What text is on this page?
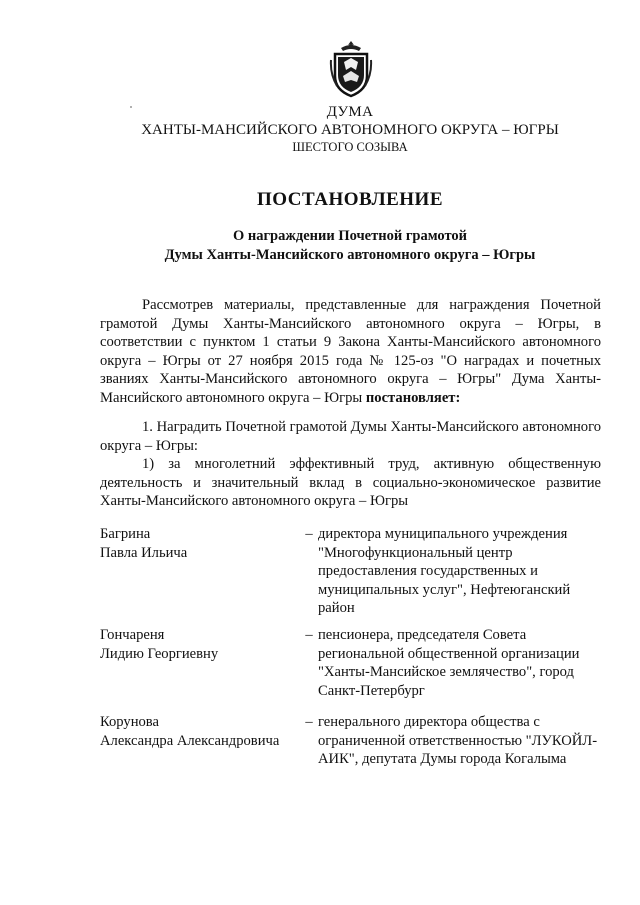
ДУМА
ХАНТЫ-МАНСИЙСКОГО АВТОНОМНОГО ОКРУГА – ЮГРЫ
ШЕСТОГО СОЗЫВА
ПОСТАНОВЛЕНИЕ
О награждении Почетной грамотой
Думы Ханты-Мансийского автономного округа – Югры

Рассмотрев материалы, представленные для награждения Почетной грамотой Думы Ханты-Мансийского автономного округа – Югры, в соответствии с пунктом 1 статьи 9 Закона Ханты-Мансийского автономного округа – Югры от 27 ноября 2015 года № 125-оз "О наградах и почетных званиях Ханты-Мансийского автономного округа – Югры" Дума Ханты-Мансийского автономного округа – Югры постановляет:

1. Наградить Почетной грамотой Думы Ханты-Мансийского автономного округа – Югры:

1) за многолетний эффективный труд, активную общественную деятельность и значительный вклад в социально-экономическое развитие Ханты-Мансийского автономного округа – Югры

Багрина
Павла Ильича
– директора муниципального учреждения "Многофункциональный центр предоставления государственных и муниципальных услуг", Нефтеюганский район
Гончареня
Лидию Георгиевну
– пенсионера, председателя Совета региональной общественной организации "Ханты-Мансийское землячество", город Санкт-Петербург
Корунова
Александра Александровича
– генерального директора общества с ограниченной ответственностью "ЛУКОЙЛ-АИК", депутата Думы города Когалыма
